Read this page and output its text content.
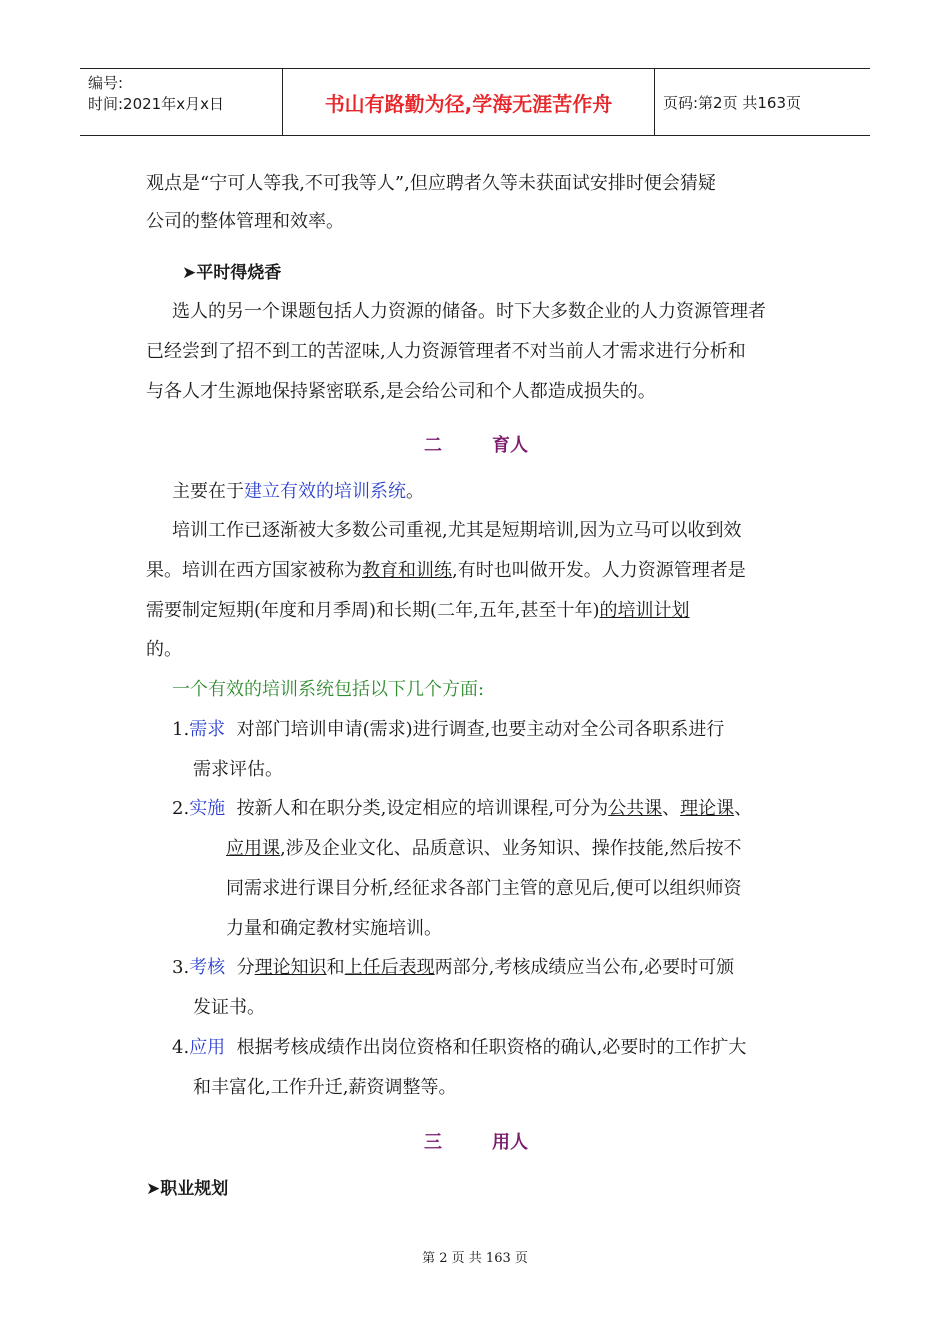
编号:
时间:2021年x月x日	书山有路勤为径,学海无涯苦作舟	页码:第2页 共163页
观点是“宁可人等我,不可我等人”,但应聘者久等未获面试安排时便会猜疑
公司的整体管理和效率。
➤平时得烧香
选人的另一个课题包括人力资源的储备。时下大多数企业的人力资源管理者
已经尝到了招不到工的苦涩味,人力资源管理者不对当前人才需求进行分析和
与各人才生源地保持紧密联系,是会给公司和个人都造成损失的。
二	育人
主要在于建立有效的培训系统。
培训工作已逐渐被大多数公司重视,尤其是短期培训,因为立马可以收到效
果。培训在西方国家被称为教育和训练,有时也叫做开发。人力资源管理者是
需要制定短期(年度和月季周)和长期(二年,五年,甚至十年)的培训计划
的。
一个有效的培训系统包括以下几个方面:
1.需求 对部门培训申请(需求)进行调查,也要主动对全公司各职系进行
需求评估。
2.实施 按新人和在职分类,设定相应的培训课程,可分为公共课、理论课、
应用课,涉及企业文化、品质意识、业务知识、操作技能,然后按不
同需求进行课目分析,经征求各部门主管的意见后,便可以组织师资
力量和确定教材实施培训。
3.考核 分理论知识和上任后表现两部分,考核成绩应当公布,必要时可颁
发证书。
4.应用 根据考核成绩作出岗位资格和任职资格的确认,必要时的工作扩大
和丰富化,工作升迁,薪资调整等。
三	用人
➤职业规划
第 2 页 共 163 页
